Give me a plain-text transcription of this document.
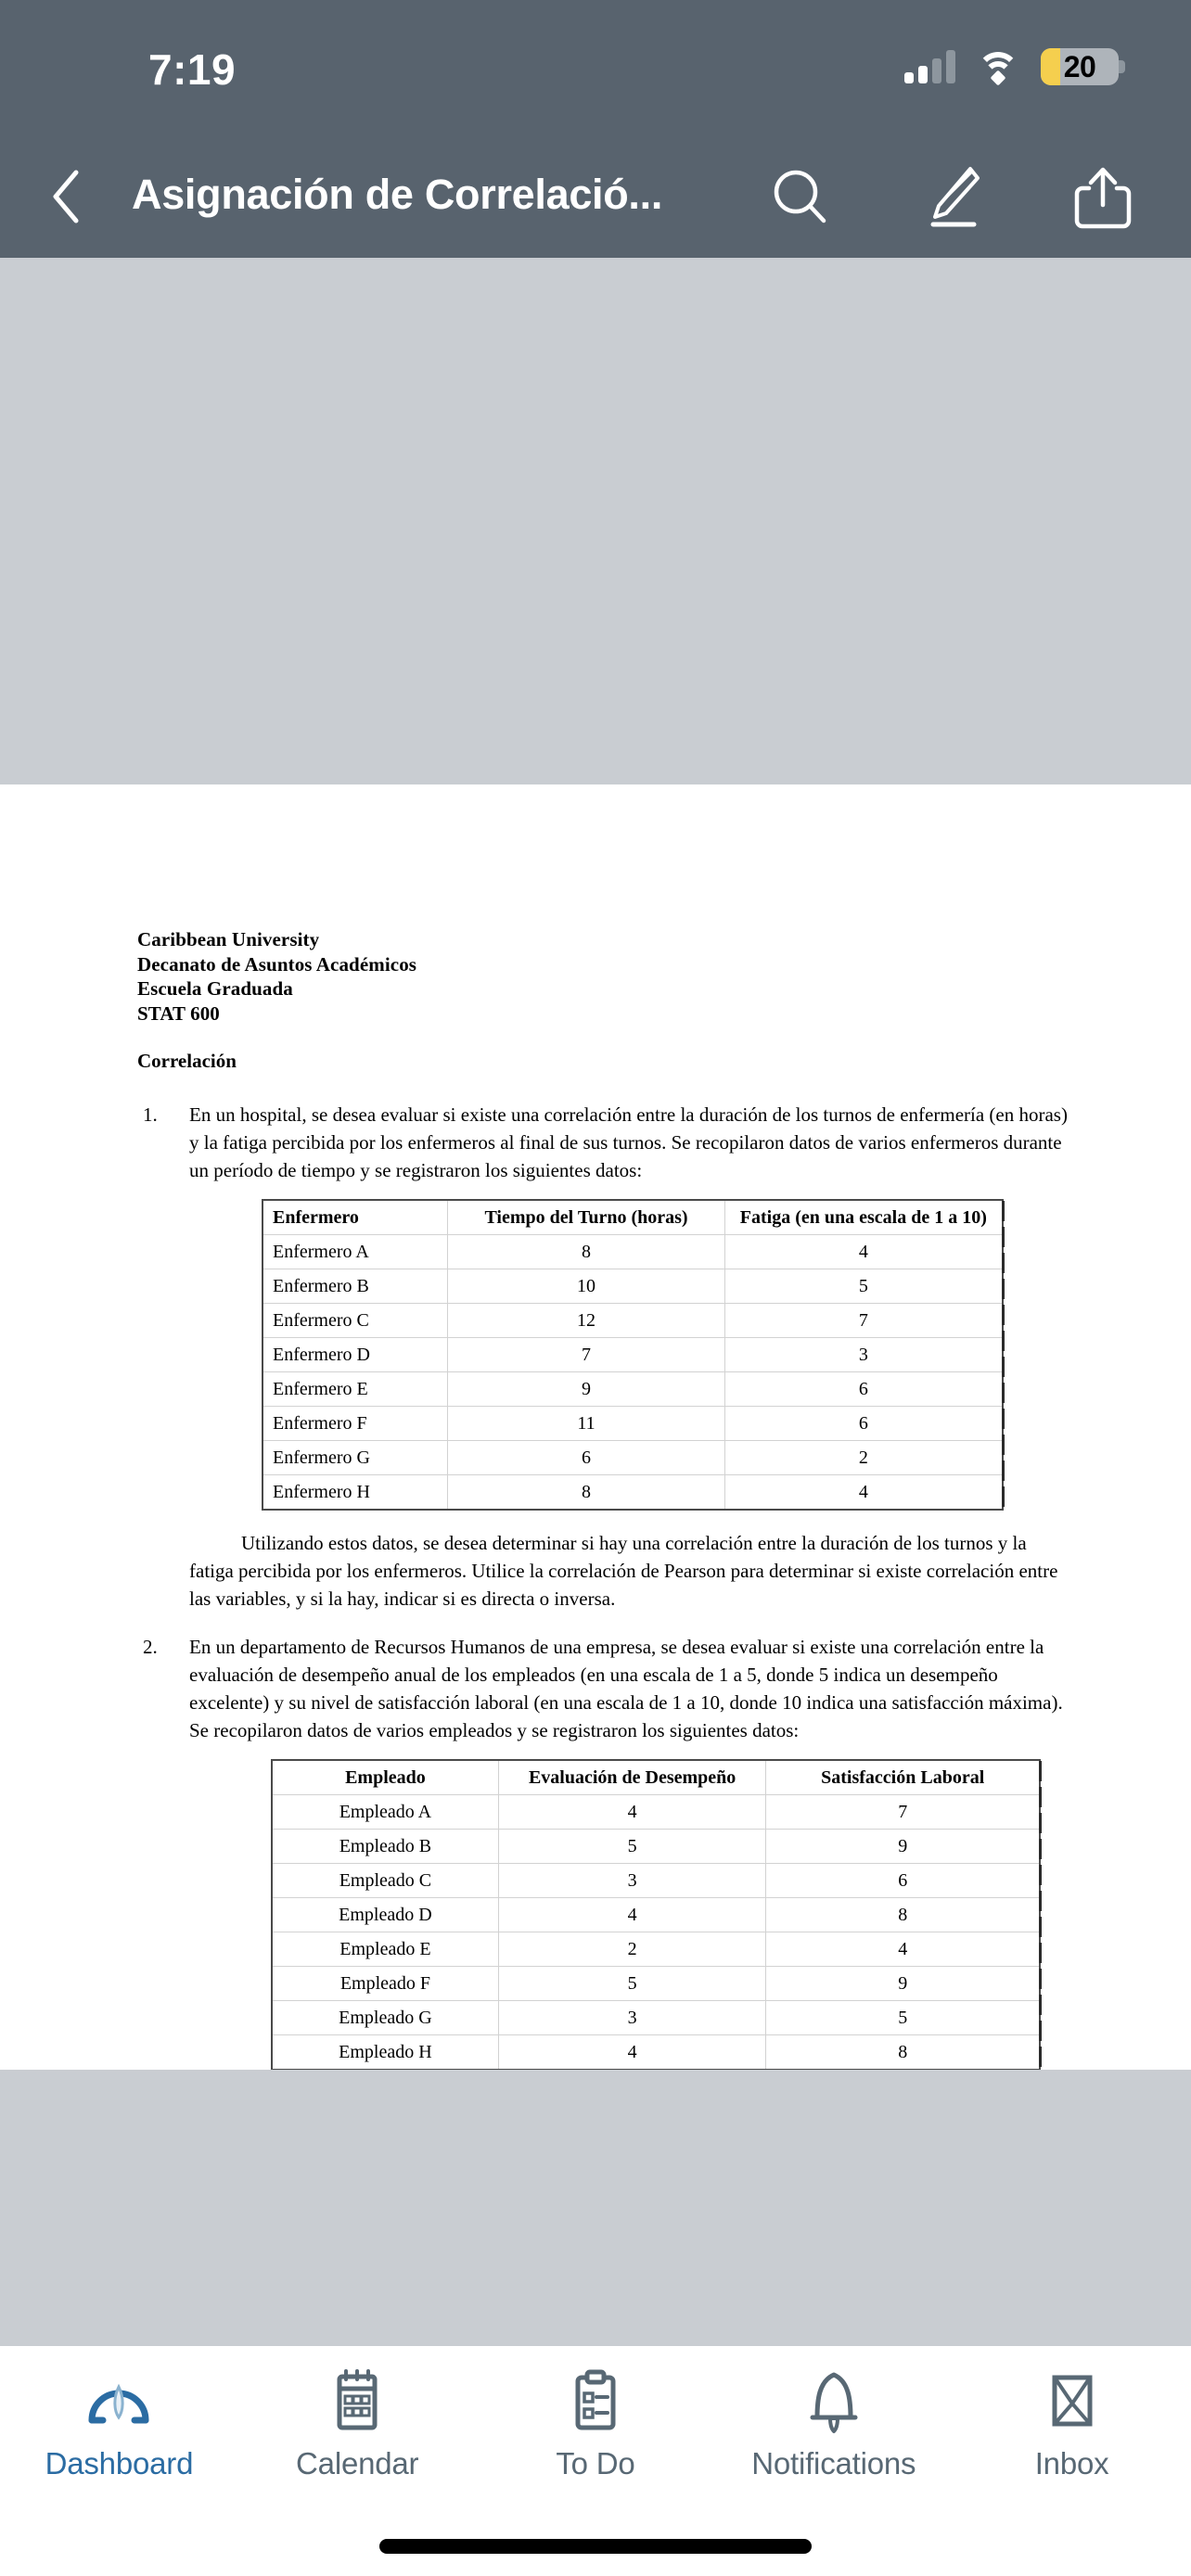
7:19	20
Asignación de Correlació...
Caribbean University
Decanato de Asuntos Académicos
Escuela Graduada
STAT 600
Correlación
1. En un hospital, se desea evaluar si existe una correlación entre la duración de los turnos de enfermería (en horas) y la fatiga percibida por los enfermeros al final de sus turnos. Se recopilaron datos de varios enfermeros durante un período de tiempo y se registraron los siguientes datos:
Enfermero	Tiempo del Turno (horas)	Fatiga (en una escala de 1 a 10)
Enfermero A	8	4
Enfermero B	10	5
Enfermero C	12	7
Enfermero D	7	3
Enfermero E	9	6
Enfermero F	11	6
Enfermero G	6	2
Enfermero H	8	4
Utilizando estos datos, se desea determinar si hay una correlación entre la duración de los turnos y la fatiga percibida por los enfermeros. Utilice la correlación de Pearson para determinar si existe correlación entre las variables, y si la hay, indicar si es directa o inversa.
2. En un departamento de Recursos Humanos de una empresa, se desea evaluar si existe una correlación entre la evaluación de desempeño anual de los empleados (en una escala de 1 a 5, donde 5 indica un desempeño excelente) y su nivel de satisfacción laboral (en una escala de 1 a 10, donde 10 indica una satisfacción máxima). Se recopilaron datos de varios empleados y se registraron los siguientes datos:
Empleado	Evaluación de Desempeño	Satisfacción Laboral
Empleado A	4	7
Empleado B	5	9
Empleado C	3	6
Empleado D	4	8
Empleado E	2	4
Empleado F	5	9
Empleado G	3	5
Empleado H	4	8
Dashboard	Calendar	To Do	Notifications	Inbox
